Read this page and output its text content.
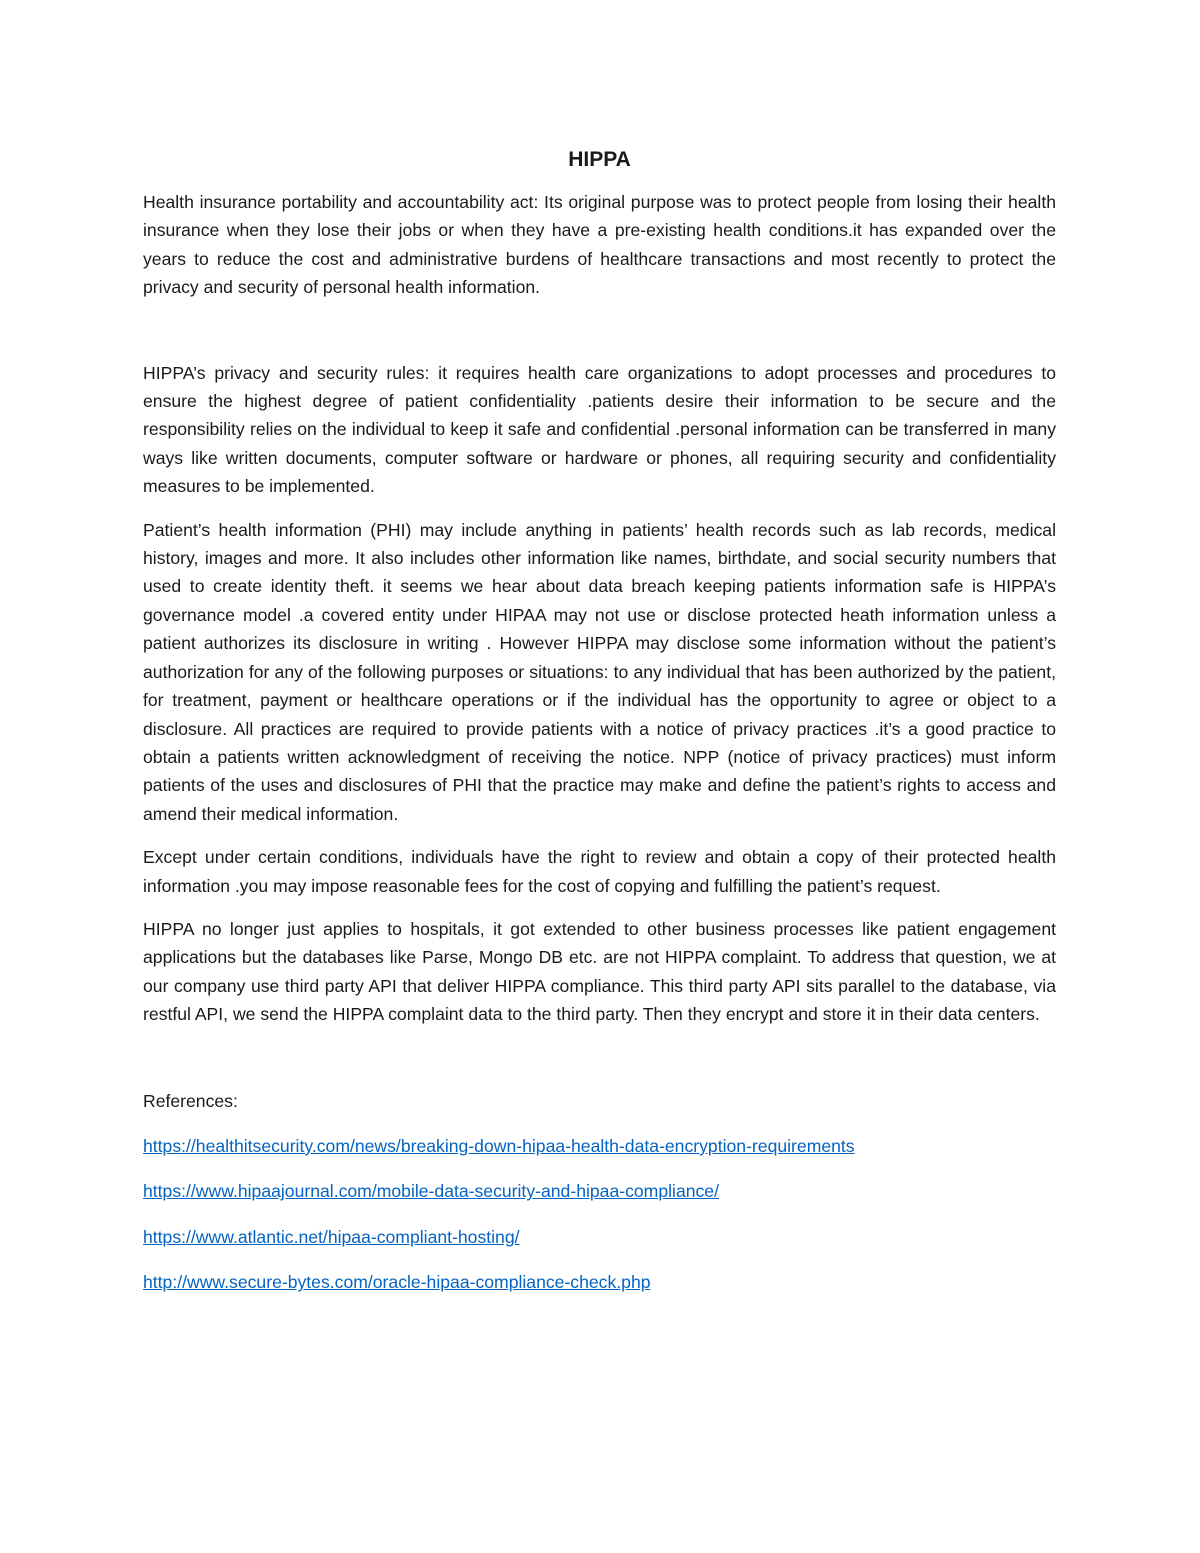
HIPPA

Health insurance portability and accountability act: Its original purpose was to protect people from losing their health insurance when they lose their jobs or when they have a pre-existing health conditions.it has expanded over the years to reduce the cost and administrative burdens of healthcare transactions and most recently to protect the privacy and security of personal health information.

HIPPA’s privacy and security rules: it requires health care organizations to adopt processes and procedures to ensure the highest degree of patient confidentiality .patients desire their information to be secure and the responsibility relies on the individual to keep it safe and confidential .personal information can be transferred in many ways like written documents, computer software or hardware or phones, all requiring security and confidentiality measures to be implemented.

Patient’s health information (PHI) may include anything in patients’ health records such as lab records, medical history, images and more. It also includes other information like names, birthdate, and social security numbers that used to create identity theft. it seems we hear about data breach keeping patients information safe is HIPPA’s governance model .a covered entity under HIPAA may not use or disclose protected heath information unless a patient authorizes its disclosure in writing . However HIPPA may disclose some information without the patient’s authorization for any of the following purposes or situations: to any individual that has been authorized by the patient, for treatment, payment or healthcare operations or if the individual has the opportunity to agree or object to a disclosure. All practices are required to provide patients with a notice of privacy practices .it’s a good practice to obtain a patients written acknowledgment of receiving the notice. NPP (notice of privacy practices) must inform patients of the uses and disclosures of PHI that the practice may make and define the patient’s rights to access and amend their medical information.

Except under certain conditions, individuals have the right to review and obtain a copy of their protected health information .you may impose reasonable fees for the cost of copying and fulfilling the patient’s request.

HIPPA no longer just applies to hospitals, it got extended to other business processes like patient engagement applications but the databases like Parse, Mongo DB etc. are not HIPPA complaint. To address that question, we at our company use third party API that deliver HIPPA compliance. This third party API sits parallel to the database, via restful API, we send the HIPPA complaint data to the third party. Then they encrypt and store it in their data centers.

References:
https://healthitsecurity.com/news/breaking-down-hipaa-health-data-encryption-requirements
https://www.hipaajournal.com/mobile-data-security-and-hipaa-compliance/
https://www.atlantic.net/hipaa-compliant-hosting/
http://www.secure-bytes.com/oracle-hipaa-compliance-check.php
